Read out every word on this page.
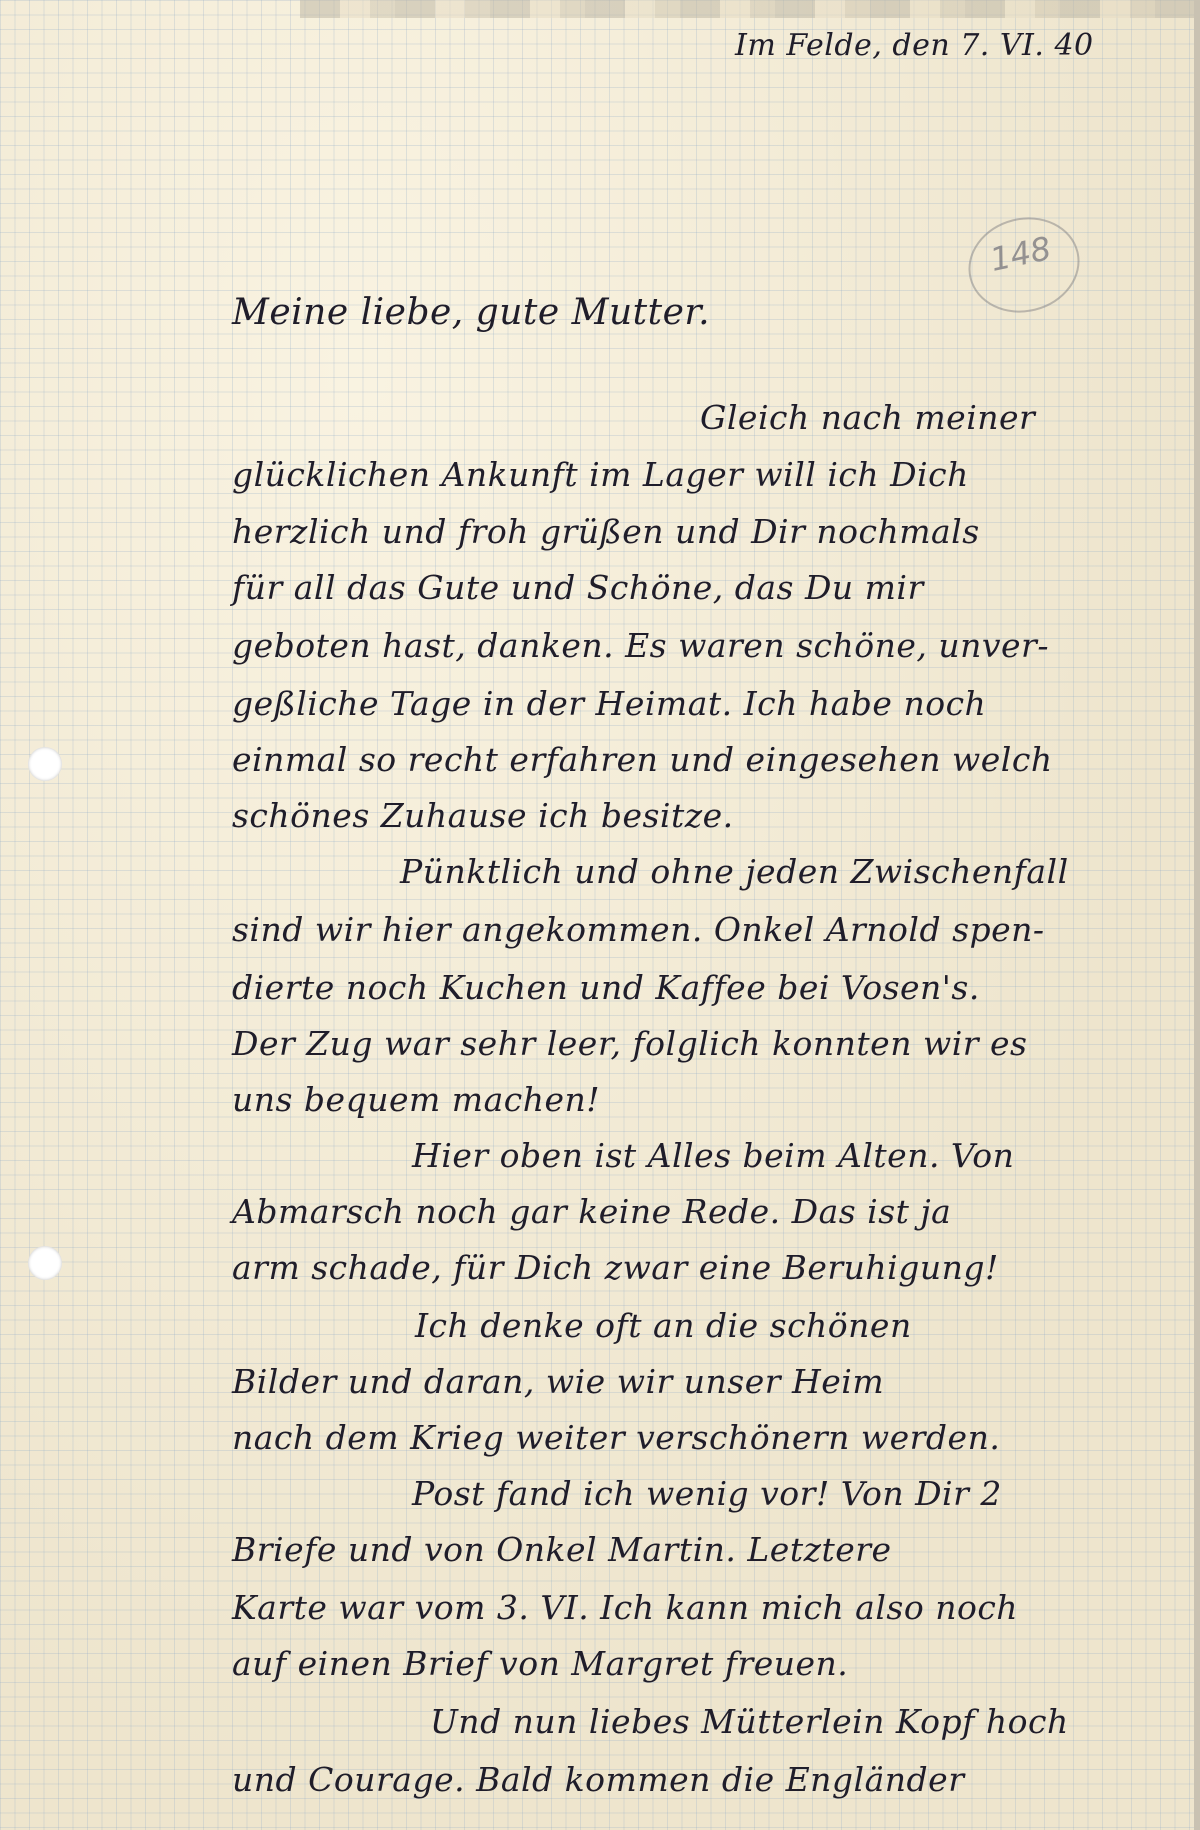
Im Felde, den 7. VI. 40
148
Meine liebe, gute Mutter.
Gleich nach meiner
glücklichen Ankunft im Lager will ich Dich
herzlich und froh grüßen und Dir nochmals
für all das Gute und Schöne, das Du mir
geboten hast, danken. Es waren schöne, unver-
geßliche Tage in der Heimat. Ich habe noch
einmal so recht erfahren und eingesehen welch
schönes Zuhause ich besitze.
Pünktlich und ohne jeden Zwischenfall
sind wir hier angekommen. Onkel Arnold spen-
dierte noch Kuchen und Kaffee bei Vosen's.
Der Zug war sehr leer, folglich konnten wir es
uns bequem machen!
Hier oben ist Alles beim Alten. Von
Abmarsch noch gar keine Rede. Das ist ja
arm schade, für Dich zwar eine Beruhigung!
Ich denke oft an die schönen
Bilder und daran, wie wir unser Heim
nach dem Krieg weiter verschönern werden.
Post fand ich wenig vor! Von Dir 2
Briefe und von Onkel Martin. Letztere
Karte war vom 3. VI. Ich kann mich also noch
auf einen Brief von Margret freuen.
Und nun liebes Mütterlein Kopf hoch
und Courage. Bald kommen die Engländer
